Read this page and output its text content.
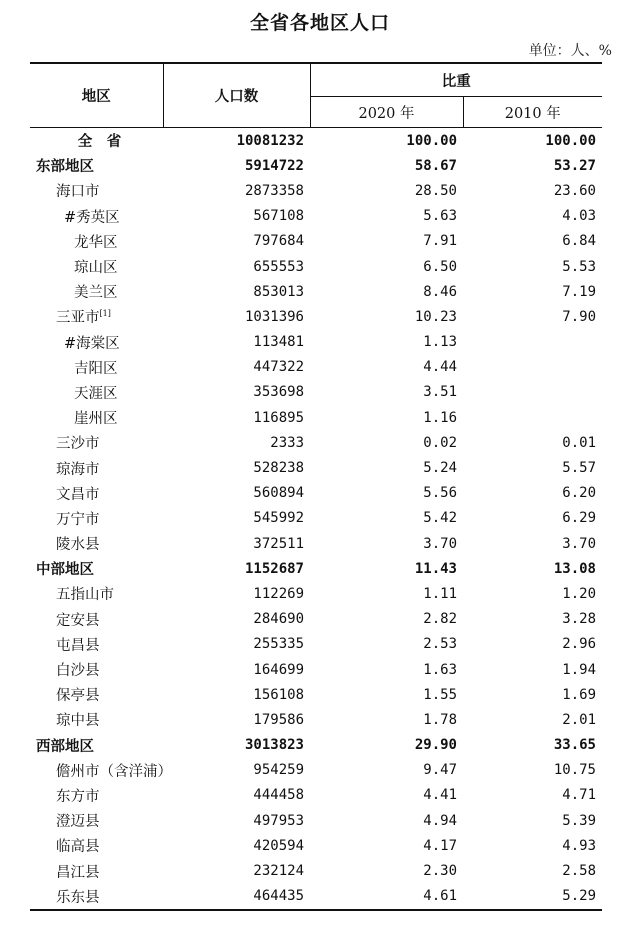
全省各地区人口
单位：人、%
地区	人口数	比重	
		2020 年	2010 年
全　省	10081232	100.00	100.00
东部地区	5914722	58.67	53.27
海口市	2873358	28.50	23.60
#秀英区	567108	5.63	4.03
龙华区	797684	7.91	6.84
琼山区	655553	6.50	5.53
美兰区	853013	8.46	7.19
三亚市[1]	1031396	10.23	7.90
#海棠区	113481	1.13	
吉阳区	447322	4.44	
天涯区	353698	3.51	
崖州区	116895	1.16	
三沙市	2333	0.02	0.01
琼海市	528238	5.24	5.57
文昌市	560894	5.56	6.20
万宁市	545992	5.42	6.29
陵水县	372511	3.70	3.70
中部地区	1152687	11.43	13.08
五指山市	112269	1.11	1.20
定安县	284690	2.82	3.28
屯昌县	255335	2.53	2.96
白沙县	164699	1.63	1.94
保亭县	156108	1.55	1.69
琼中县	179586	1.78	2.01
西部地区	3013823	29.90	33.65
儋州市（含洋浦）	954259	9.47	10.75
东方市	444458	4.41	4.71
澄迈县	497953	4.94	5.39
临高县	420594	4.17	4.93
昌江县	232124	2.30	2.58
乐东县	464435	4.61	5.29
